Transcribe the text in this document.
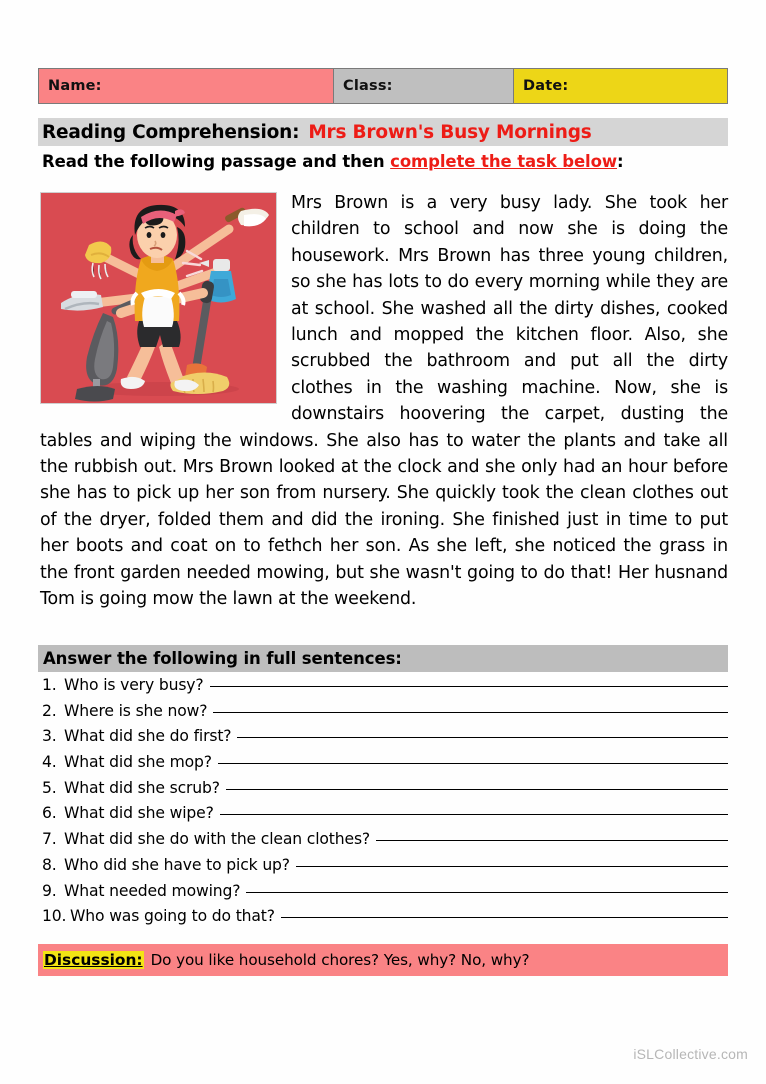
Name:	Class:	Date:
Reading Comprehension: Mrs Brown's Busy Mornings
Read the following passage and then complete the task below:
Mrs Brown is a very busy lady. She took her children to school and now she is doing the housework. Mrs Brown has three young children, so she has lots to do every morning while they are at school. She washed all the dirty dishes, cooked lunch and mopped the kitchen floor. Also, she scrubbed the bathroom and put all the dirty clothes in the washing machine. Now, she is downstairs hoovering the carpet, dusting the tables and wiping the windows. She also has to water the plants and take all the rubbish out. Mrs Brown looked at the clock and she only had an hour before she has to pick up her son from nursery. She quickly took the clean clothes out of the dryer, folded them and did the ironing. She finished just in time to put her boots and coat on to fethch her son. As she left, she noticed the grass in the front garden needed mowing, but she wasn't going to do that! Her husnand Tom is going mow the lawn at the weekend.
Answer the following in full sentences:
1. Who is very busy?
2. Where is she now?
3. What did she do first?
4. What did she mop?
5. What did she scrub?
6. What did she wipe?
7. What did she do with the clean clothes?
8. Who did she have to pick up?
9. What needed mowing?
10. Who was going to do that?
Discussion: Do you like household chores? Yes, why? No, why?
iSLCollective.com
